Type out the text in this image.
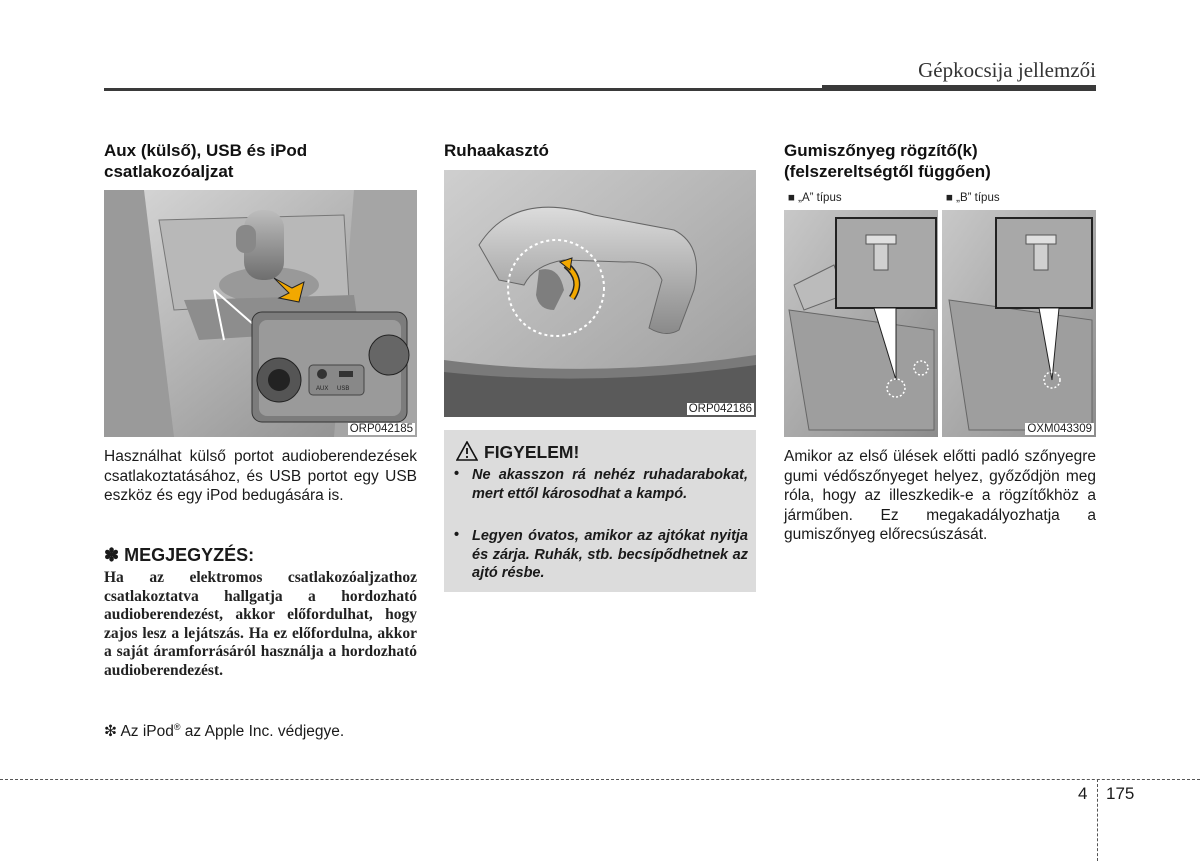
Gépkocsija jellemzői
Aux (külső), USB és iPod csatlakozóaljzat
AUX USB
ORP042185
Használhat külső portot audioberendezések csatlakoztatásához, és USB portot egy USB eszköz és egy iPod bedugására is.
✽ MEGJEGYZÉS:
Ha az elektromos csatlakozóaljzathoz csatlakoztatva hallgatja a hordozható audioberendezést, akkor előfordulhat, hogy zajos lesz a lejátszás. Ha ez előfordulna, akkor a saját áramforrásáról használja a hordozható audioberendezést.
❇ Az iPod® az Apple Inc. védjegye.
Ruhaakasztó
ORP042186
FIGYELEM!
• Ne akasszon rá nehéz ruhadarabokat, mert ettől károsodhat a kampó.
• Legyen óvatos, amikor az ajtókat nyitja és zárja. Ruhák, stb. becsípődhetnek az ajtó résbe.
Gumiszőnyeg rögzítő(k) (felszereltségtől függően)
■ „A” típus	■ „B” típus
OXM043309
Amikor az első ülések előtti padló szőnyegre gumi védőszőnyeget helyez, győződjön meg róla, hogy az illeszkedik-e a rögzítőkhöz a járműben. Ez megakadályozhatja a gumiszőnyeg előrecsúszását.
4 175
